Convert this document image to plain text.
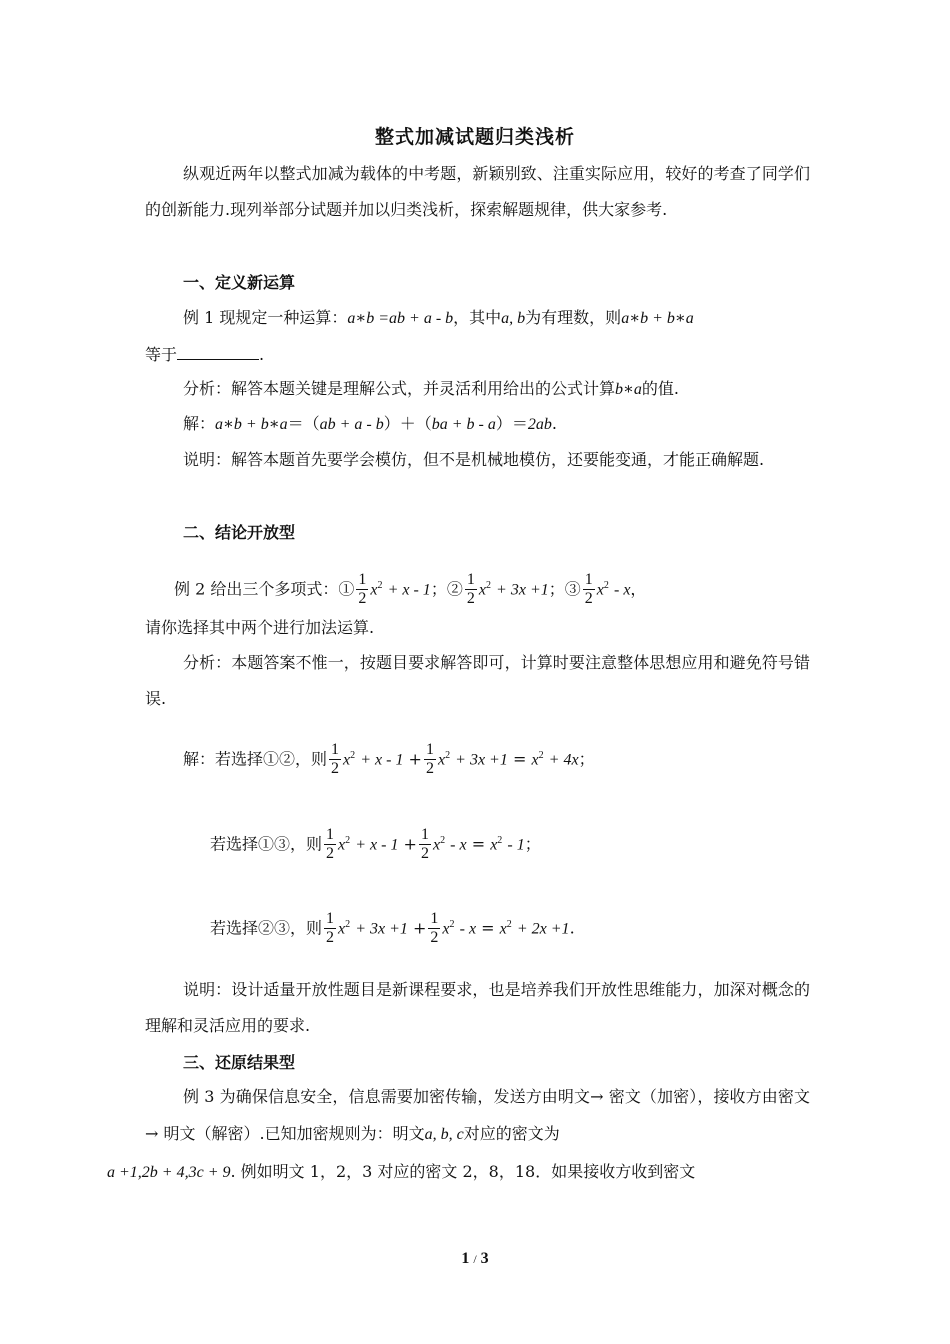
整式加减试题归类浅析
纵观近两年以整式加减为载体的中考题，新颖别致、注重实际应用，较好的考查了同学们的创新能力.现列举部分试题并加以归类浅析，探索解题规律，供大家参考.
一、定义新运算
例 1 现规定一种运算：a∗b =ab + a - b，其中a, b为有理数，则a∗b + b∗a
等于	.
分析：解答本题关键是理解公式，并灵活利用给出的公式计算b∗a的值.
解：a∗b + b∗a＝（ab + a - b）＋（ba + b - a）＝2ab.
说明：解答本题首先要学会模仿，但不是机械地模仿，还要能变通，才能正确解题.
二、结论开放型
例 2 给出三个多项式：① $\frac{1}{2} x^2 + x - 1$；② $\frac{1}{2} x^2 + 3x +1$；③ $\frac{1}{2} x^2$ - x，
请你选择其中两个进行加法运算.
分析：本题答案不惟一，按题目要求解答即可，计算时要注意整体思想应用和避免符号错误.
解：若选择①②，则 $\frac{1}{2} x^2 + x - 1 + \frac{1}{2} x^2 + 3x +1 = x^2 + 4x$；
若选择①③，则 $\frac{1}{2} x^2 + x - 1 + \frac{1}{2} x^2 - x = x^2 - 1$；
若选择②③，则 $\frac{1}{2} x^2 + 3x +1 + \frac{1}{2} x^2 - x = x^2 + 2x +1$.
说明：设计适量开放性题目是新课程要求，也是培养我们开放性思维能力，加深对概念的理解和灵活应用的要求.
三、还原结果型
例 3 为确保信息安全，信息需要加密传输，发送方由明文→ 密文（加密），接收方由密文→ 明文（解密）.已知加密规则为：明文a, b, c对应的密文为
a +1,2b + 4,3c + 9. 例如明文 1，2，3 对应的密文 2，8，18．如果接收方收到密文
1 / 3
